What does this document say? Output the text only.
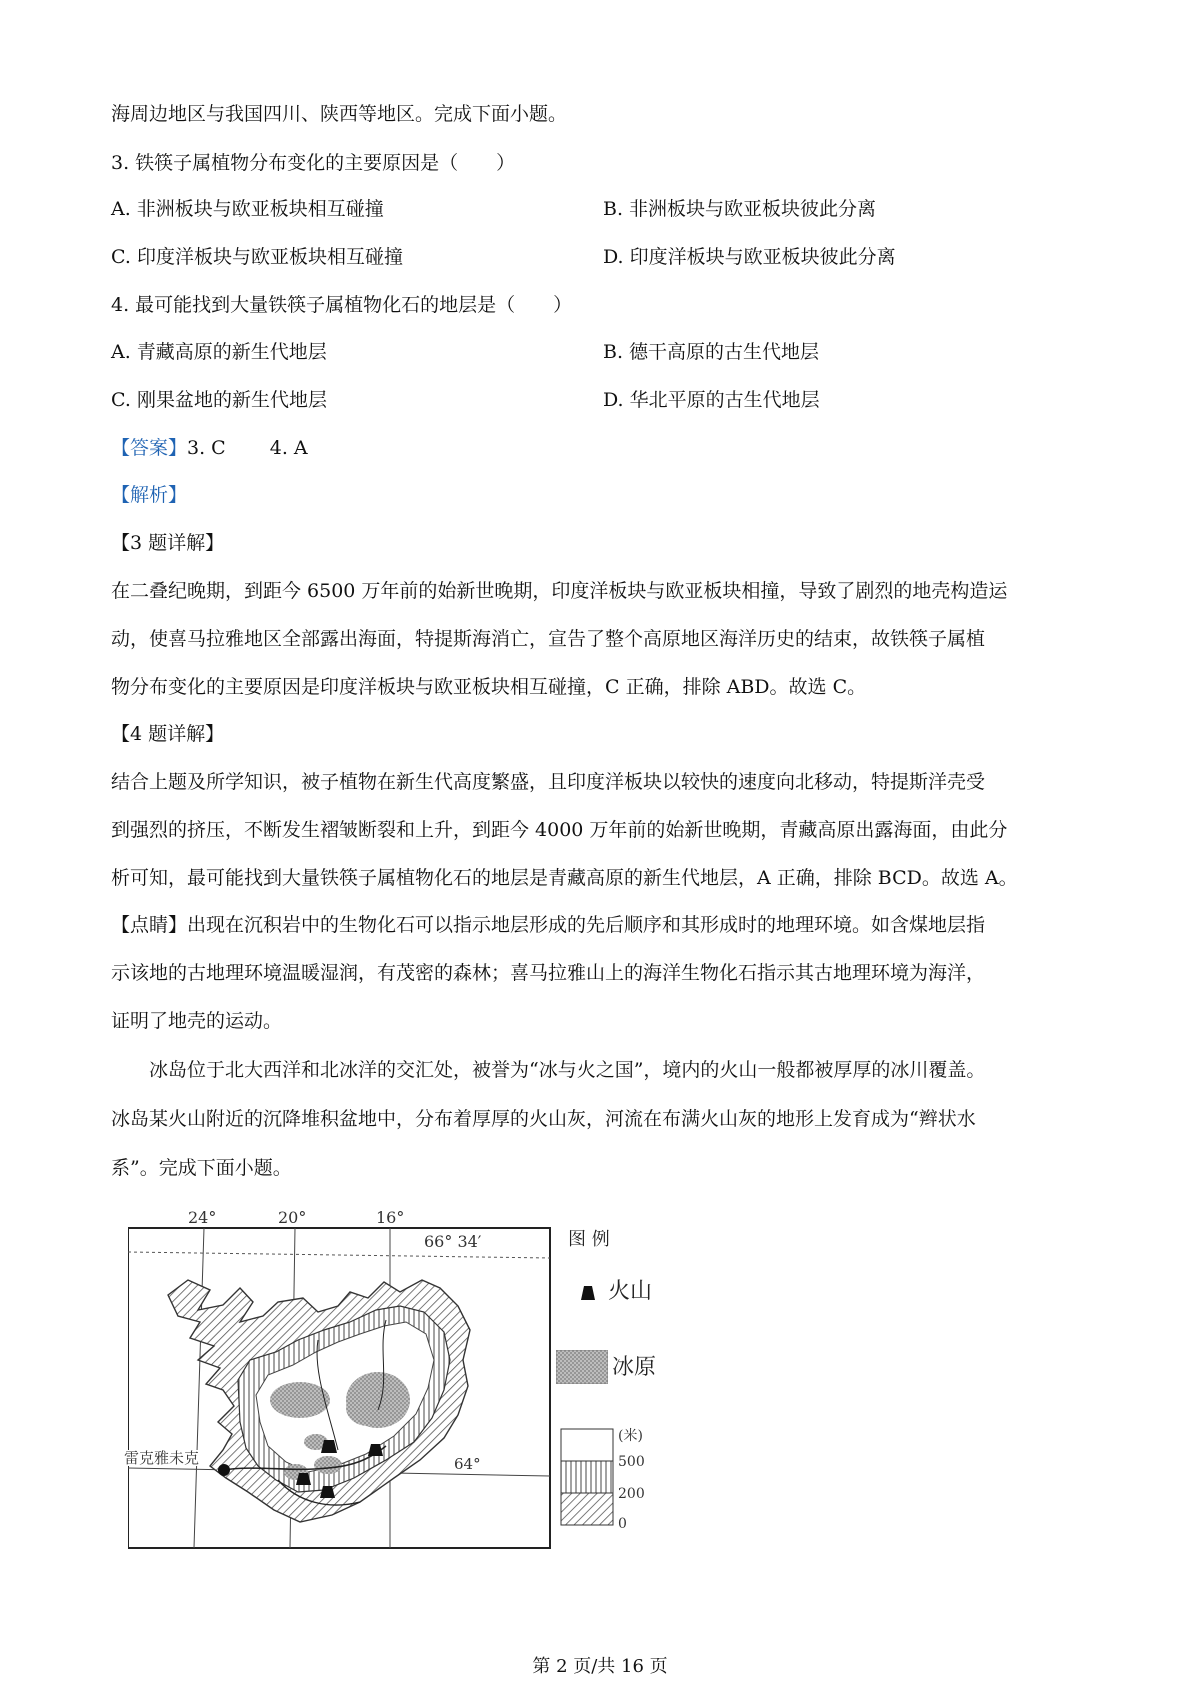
海周边地区与我国四川、陕西等地区。完成下面小题。
3. 铁筷子属植物分布变化的主要原因是（　　）
A. 非洲板块与欧亚板块相互碰撞	B. 非洲板块与欧亚板块彼此分离
C. 印度洋板块与欧亚板块相互碰撞	D. 印度洋板块与欧亚板块彼此分离
4. 最可能找到大量铁筷子属植物化石的地层是（　　）
A. 青藏高原的新生代地层	B. 德干高原的古生代地层
C. 刚果盆地的新生代地层	D. 华北平原的古生代地层
【答案】3. C　　 4. A
【解析】
【3 题详解】
在二叠纪晚期，到距今 6500 万年前的始新世晚期，印度洋板块与欧亚板块相撞，导致了剧烈的地壳构造运
动，使喜马拉雅地区全部露出海面，特提斯海消亡，宣告了整个高原地区海洋历史的结束，故铁筷子属植
物分布变化的主要原因是印度洋板块与欧亚板块相互碰撞，C 正确，排除 ABD。故选 C。
【4 题详解】
结合上题及所学知识，被子植物在新生代高度繁盛，且印度洋板块以较快的速度向北移动，特提斯洋壳受
到强烈的挤压，不断发生褶皱断裂和上升，到距今 4000 万年前的始新世晚期，青藏高原出露海面，由此分
析可知，最可能找到大量铁筷子属植物化石的地层是青藏高原的新生代地层，A 正确，排除 BCD。故选 A。
【点睛】出现在沉积岩中的生物化石可以指示地层形成的先后顺序和其形成时的地理环境。如含煤地层指
示该地的古地理环境温暖湿润，有茂密的森林；喜马拉雅山上的海洋生物化石指示其古地理环境为海洋，
证明了地壳的运动。
　　冰岛位于北大西洋和北冰洋的交汇处，被誉为“冰与火之国”，境内的火山一般都被厚厚的冰川覆盖。
冰岛某火山附近的沉降堆积盆地中，分布着厚厚的火山灰，河流在布满火山灰的地形上发育成为“辫状水
系”。完成下面小题。
24°	20°	16°
66° 34′
64°
雷克雅未克
图 例
火山
冰原
(米)
500
200
0
第 2 页/共 16 页
